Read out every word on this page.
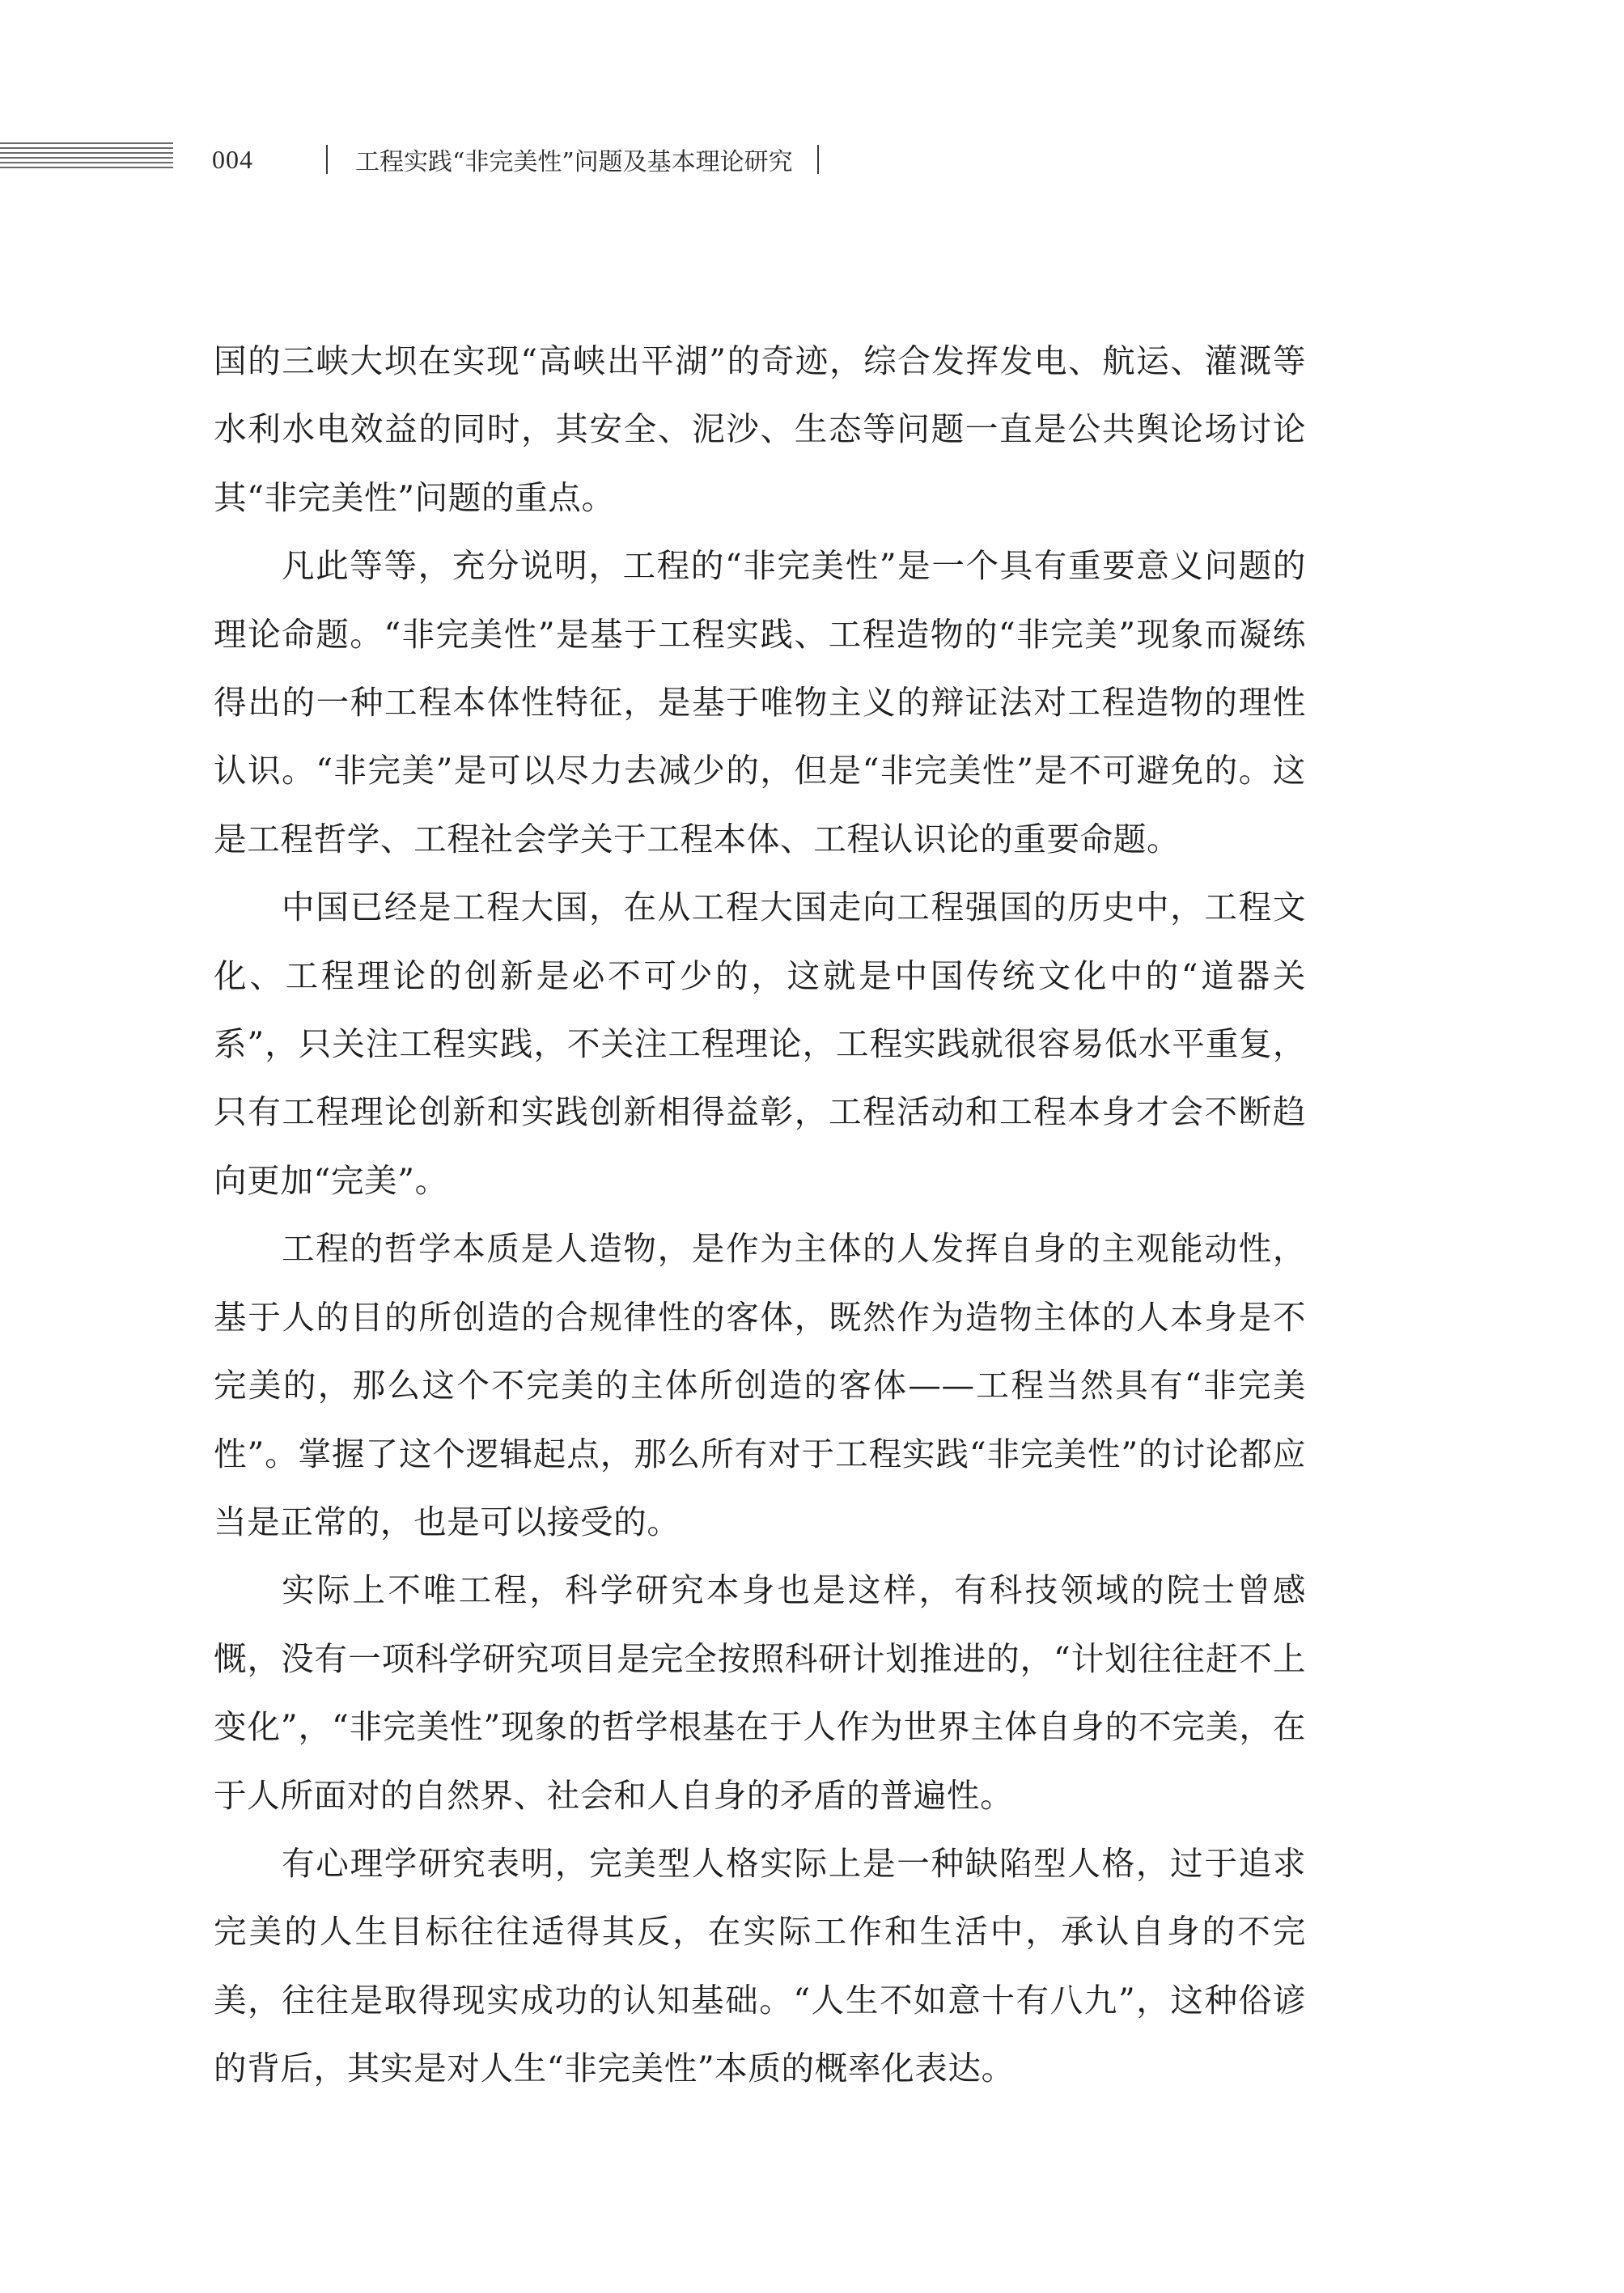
004	工程实践“非完美性”问题及基本理论研究

国的三峡大坝在实现“高峡出平湖”的奇迹，综合发挥发电、航运、灌溉等水利水电效益的同时，其安全、泥沙、生态等问题一直是公共舆论场讨论其“非完美性”问题的重点。

凡此等等，充分说明，工程的“非完美性”是一个具有重要意义问题的理论命题。“非完美性”是基于工程实践、工程造物的“非完美”现象而凝练得出的一种工程本体性特征，是基于唯物主义的辩证法对工程造物的理性认识。“非完美”是可以尽力去减少的，但是“非完美性”是不可避免的。这是工程哲学、工程社会学关于工程本体、工程认识论的重要命题。

中国已经是工程大国，在从工程大国走向工程强国的历史中，工程文化、工程理论的创新是必不可少的，这就是中国传统文化中的“道器关系”，只关注工程实践，不关注工程理论，工程实践就很容易低水平重复，只有工程理论创新和实践创新相得益彰，工程活动和工程本身才会不断趋向更加“完美”。

工程的哲学本质是人造物，是作为主体的人发挥自身的主观能动性，基于人的目的所创造的合规律性的客体，既然作为造物主体的人本身是不完美的，那么这个不完美的主体所创造的客体——工程当然具有“非完美性”。掌握了这个逻辑起点，那么所有对于工程实践“非完美性”的讨论都应当是正常的，也是可以接受的。

实际上不唯工程，科学研究本身也是这样，有科技领域的院士曾感慨，没有一项科学研究项目是完全按照科研计划推进的，“计划往往赶不上变化”，“非完美性”现象的哲学根基在于人作为世界主体自身的不完美，在于人所面对的自然界、社会和人自身的矛盾的普遍性。

有心理学研究表明，完美型人格实际上是一种缺陷型人格，过于追求完美的人生目标往往适得其反，在实际工作和生活中，承认自身的不完美，往往是取得现实成功的认知基础。“人生不如意十有八九”，这种俗谚的背后，其实是对人生“非完美性”本质的概率化表达。
